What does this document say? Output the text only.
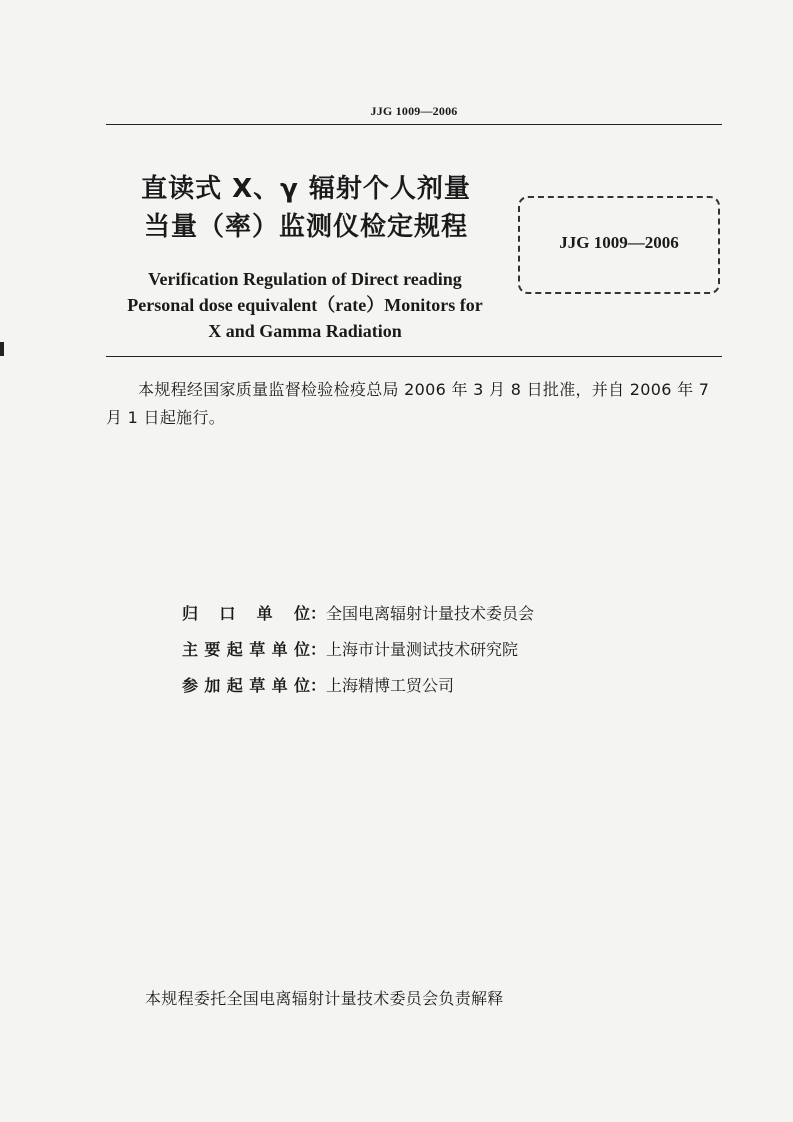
JJG 1009—2006
直读式 X、γ 辐射个人剂量
当量（率）监测仪检定规程
Verification Regulation of Direct reading
Personal dose equivalent（rate）Monitors for
X and Gamma Radiation
JJG 1009—2006
本规程经国家质量监督检验检疫总局 2006 年 3 月 8 日批准，并自 2006 年 7 月 1 日起施行。
归口单位：全国电离辐射计量技术委员会
主要起草单位：上海市计量测试技术研究院
参加起草单位：上海精博工贸公司
本规程委托全国电离辐射计量技术委员会负责解释
